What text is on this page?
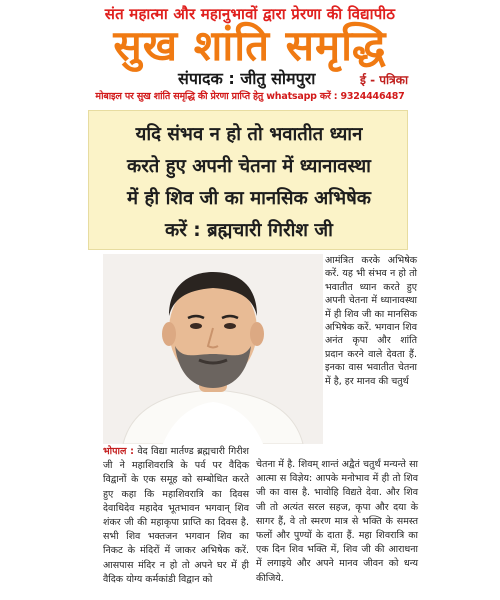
संत महात्मा और महानुभावों द्वारा प्रेरणा की विद्यापीठ
सुख शांति समृद्धि
संपादक : जीतु सोमपुरा	ई - पत्रिका
मोबाइल पर सुख शांति समृद्धि की प्रेरणा प्राप्ति हेतु whatsapp करें : 9324446487
यदि संभव न हो तो भवातीत ध्यान
करते हुए अपनी चेतना में ध्यानावस्था
में ही शिव जी का मानसिक अभिषेक
करें : ब्रह्मचारी गिरीश जी

आमंत्रित करके अभिषेक करें. यह भी संभव न हो तो भवातीत ध्यान करते हुए अपनी चेतना में ध्यानावस्था में ही शिव जी का मानसिक अभिषेक करें. भगवान शिव अनंत कृपा और शांति प्रदान करने वाले देवता हैं. इनका वास भवातीत चेतना में है, हर मानव की चतुर्थ

भोपाल : वेद विद्या मार्तण्ड ब्रह्मचारी गिरीश जी ने महाशिवरात्रि के पर्व पर वैदिक विद्वानों के एक समूह को सम्बोधित करते हुए कहा कि महाशिवरात्रि का दिवस देवाधिदेव महादेव भूतभावन भगवान् शिव शंकर जी की महाकृपा प्राप्ति का दिवस है. सभी शिव भक्तजन भगवान शिव का निकट के मंदिरों में जाकर अभिषेक करें. आसपास मंदिर न हो तो अपने घर में ही वैदिक योग्य कर्मकांडी विद्वान को

चेतना में है. शिवम् शान्तं अद्वैतं चतुर्थं मन्यन्ते सा आत्मा स विज्ञेय: आपके मनोभाव में ही तो शिव जी का वास है. भावोहि विद्यते देवा. और शिव जी तो अत्यंत सरल सहज, कृपा और दया के सागर हैं, वे तो स्मरण मात्र से भक्ति के समस्त फलों और पुण्यों के दाता हैं. महा शिवरात्रि का एक दिन शिव भक्ति में, शिव जी की आराधना में लगाइये और अपने मानव जीवन को धन्य कीजिये.
